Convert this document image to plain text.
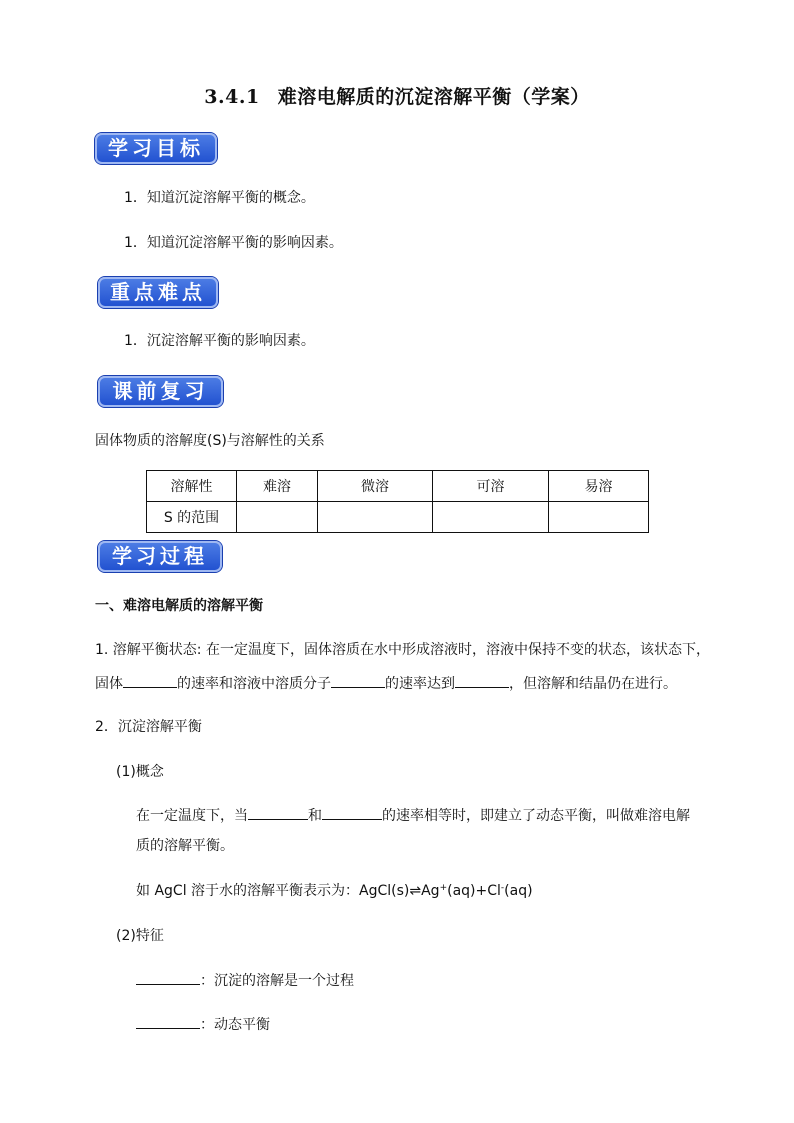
3.4.1 难溶电解质的沉淀溶解平衡（学案）
学习目标
1．知道沉淀溶解平衡的概念。
1．知道沉淀溶解平衡的影响因素。
重点难点
1．沉淀溶解平衡的影响因素。
课前复习
固体物质的溶解度(S)与溶解性的关系
溶解性	难溶	微溶	可溶	易溶
S 的范围				
学习过程
一、难溶电解质的溶解平衡
1. 溶解平衡状态: 在一定温度下，固体溶质在水中形成溶液时，溶液中保持不变的状态，该状态下，
固体	的速率和溶液中溶质分子	的速率达到	，但溶解和结晶仍在进行。
2．沉淀溶解平衡
(1)概念
在一定温度下，当	和	的速率相等时，即建立了动态平衡，叫做难溶电解
质的溶解平衡。
如 AgCl 溶于水的溶解平衡表示为：AgCl(s)⇌Ag+(aq)+Cl-(aq)
(2)特征
：沉淀的溶解是一个过程
：动态平衡
